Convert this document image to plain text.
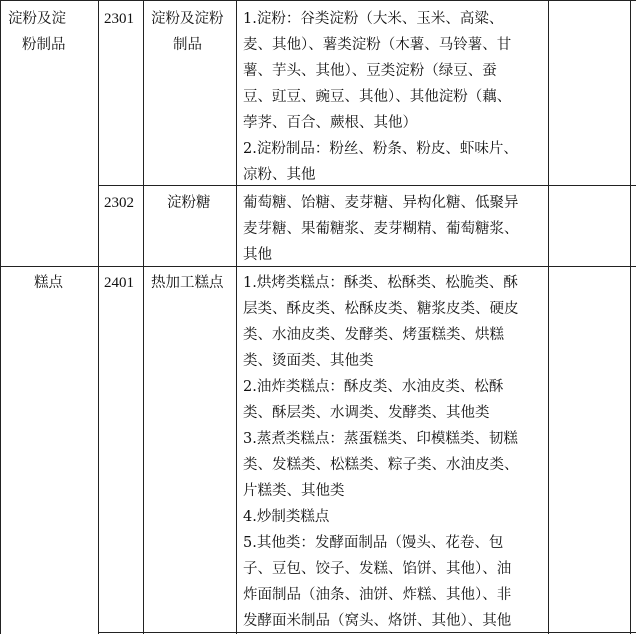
淀粉及淀
粉制品
2301 淀粉及淀粉
制品
1.淀粉：谷类淀粉（大米、玉米、高粱、
麦、其他）、薯类淀粉（木薯、马铃薯、甘
薯、芋头、其他）、豆类淀粉（绿豆、蚕
豆、豇豆、豌豆、其他）、其他淀粉（藕、
荸荠、百合、蕨根、其他）
2.淀粉制品：粉丝、粉条、粉皮、虾味片、
凉粉、其他
2302 淀粉糖 葡萄糖、饴糖、麦芽糖、异构化糖、低聚异
麦芽糖、果葡糖浆、麦芽糊精、葡萄糖浆、
其他
糕点	2401 热加工糕点 1.烘烤类糕点：酥类、松酥类、松脆类、酥
层类、酥皮类、松酥皮类、糖浆皮类、硬皮
类、水油皮类、发酵类、烤蛋糕类、烘糕
类、烫面类、其他类
2.油炸类糕点：酥皮类、水油皮类、松酥
类、酥层类、水调类、发酵类、其他类
3.蒸煮类糕点：蒸蛋糕类、印模糕类、韧糕
类、发糕类、松糕类、粽子类、水油皮类、
片糕类、其他类
4.炒制类糕点
5.其他类：发酵面制品（馒头、花卷、包
子、豆包、饺子、发糕、馅饼、其他）、油
炸面制品（油条、油饼、炸糕、其他）、非
发酵面米制品（窝头、烙饼、其他）、其他
